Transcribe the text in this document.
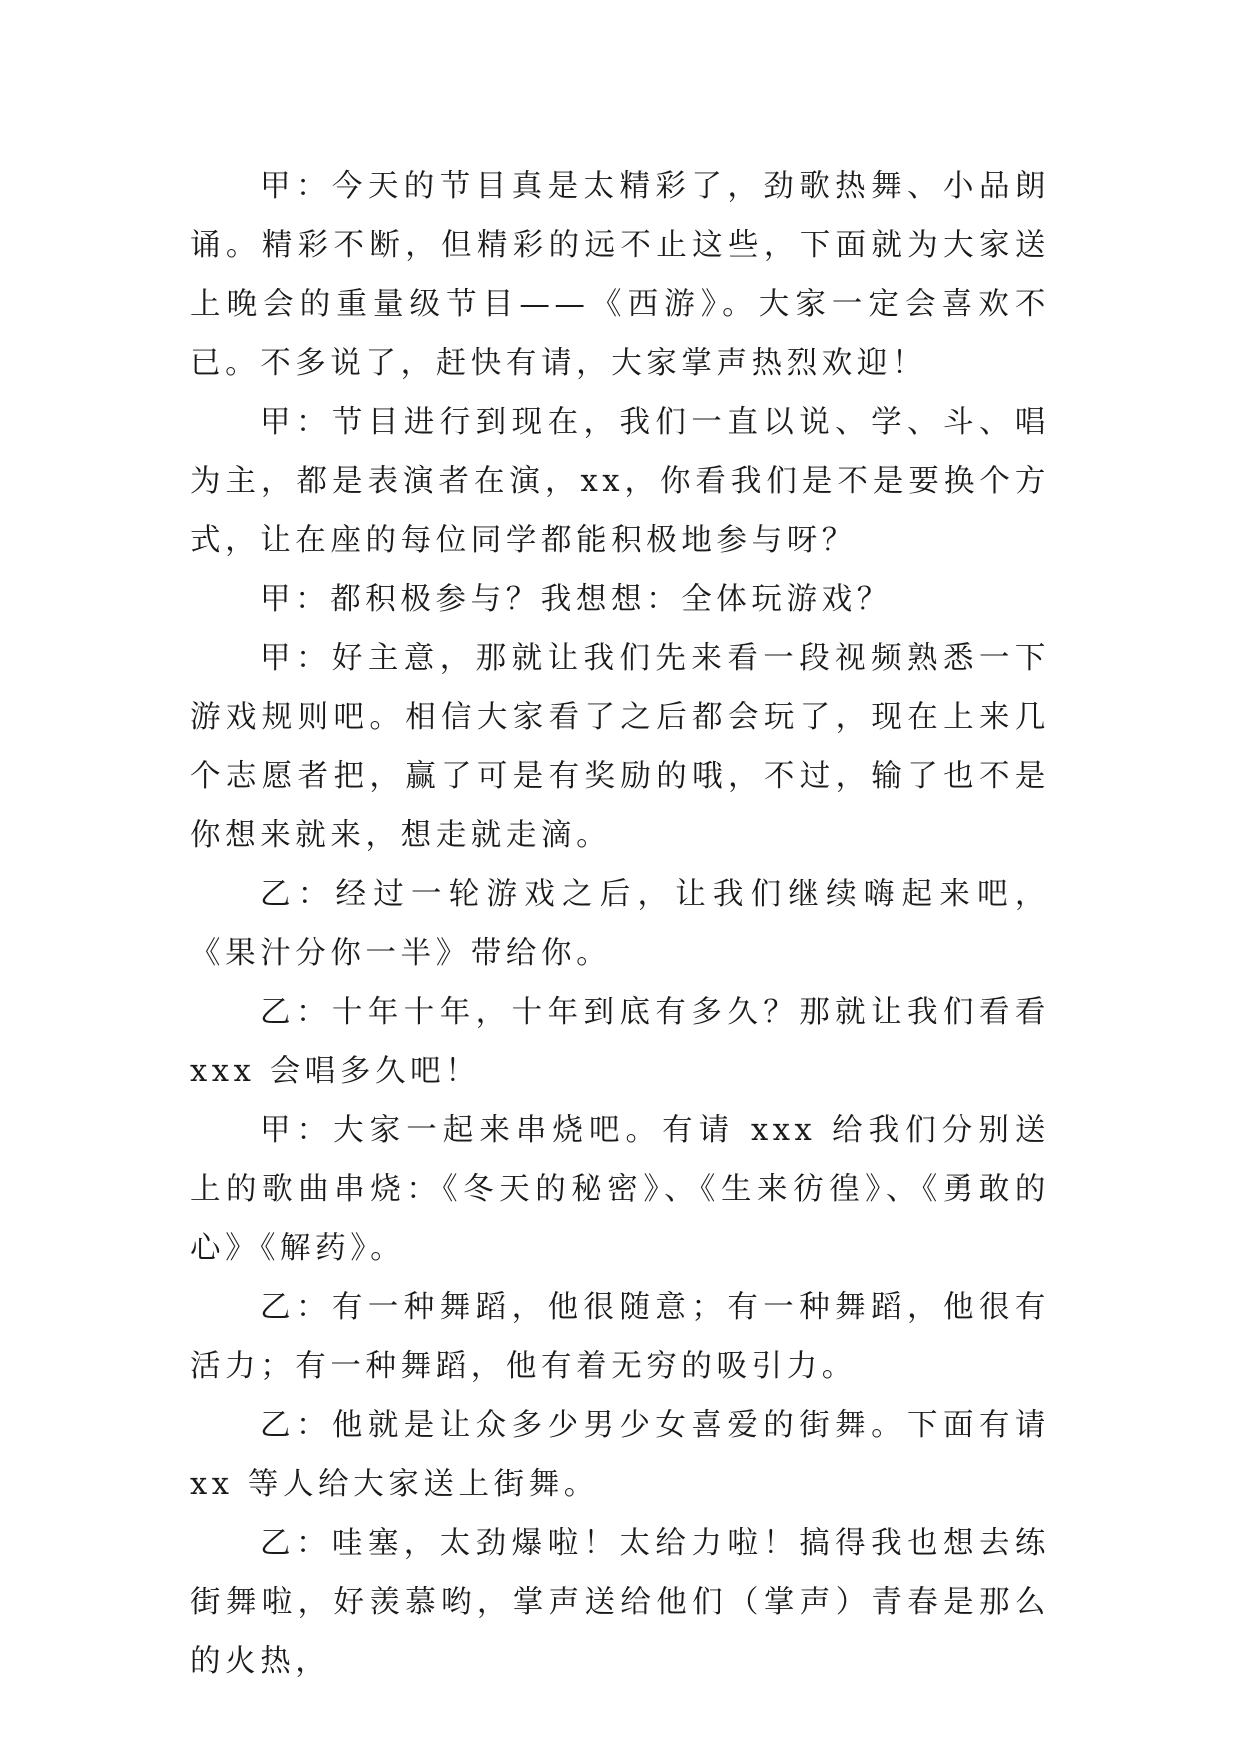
甲：今天的节目真是太精彩了，劲歌热舞、小品朗诵。精彩不断，但精彩的远不止这些，下面就为大家送上晚会的重量级节目——《西游》。大家一定会喜欢不已。不多说了，赶快有请，大家掌声热烈欢迎！

甲：节目进行到现在，我们一直以说、学、斗、唱为主，都是表演者在演，xx，你看我们是不是要换个方式，让在座的每位同学都能积极地参与呀？

甲：都积极参与？我想想：全体玩游戏？

甲：好主意，那就让我们先来看一段视频熟悉一下游戏规则吧。相信大家看了之后都会玩了，现在上来几个志愿者把，赢了可是有奖励的哦，不过，输了也不是你想来就来，想走就走滴。

乙：经过一轮游戏之后，让我们继续嗨起来吧，《果汁分你一半》带给你。

乙：十年十年，十年到底有多久？那就让我们看看 xxx 会唱多久吧！

甲：大家一起来串烧吧。有请 xxx 给我们分别送上的歌曲串烧：《冬天的秘密》、《生来彷徨》、《勇敢的心》《解药》。

乙：有一种舞蹈，他很随意；有一种舞蹈，他很有活力；有一种舞蹈，他有着无穷的吸引力。

乙：他就是让众多少男少女喜爱的街舞。下面有请 xx 等人给大家送上街舞。

乙：哇塞，太劲爆啦！太给力啦！搞得我也想去练街舞啦，好羡慕哟，掌声送给他们（掌声）青春是那么的火热，
